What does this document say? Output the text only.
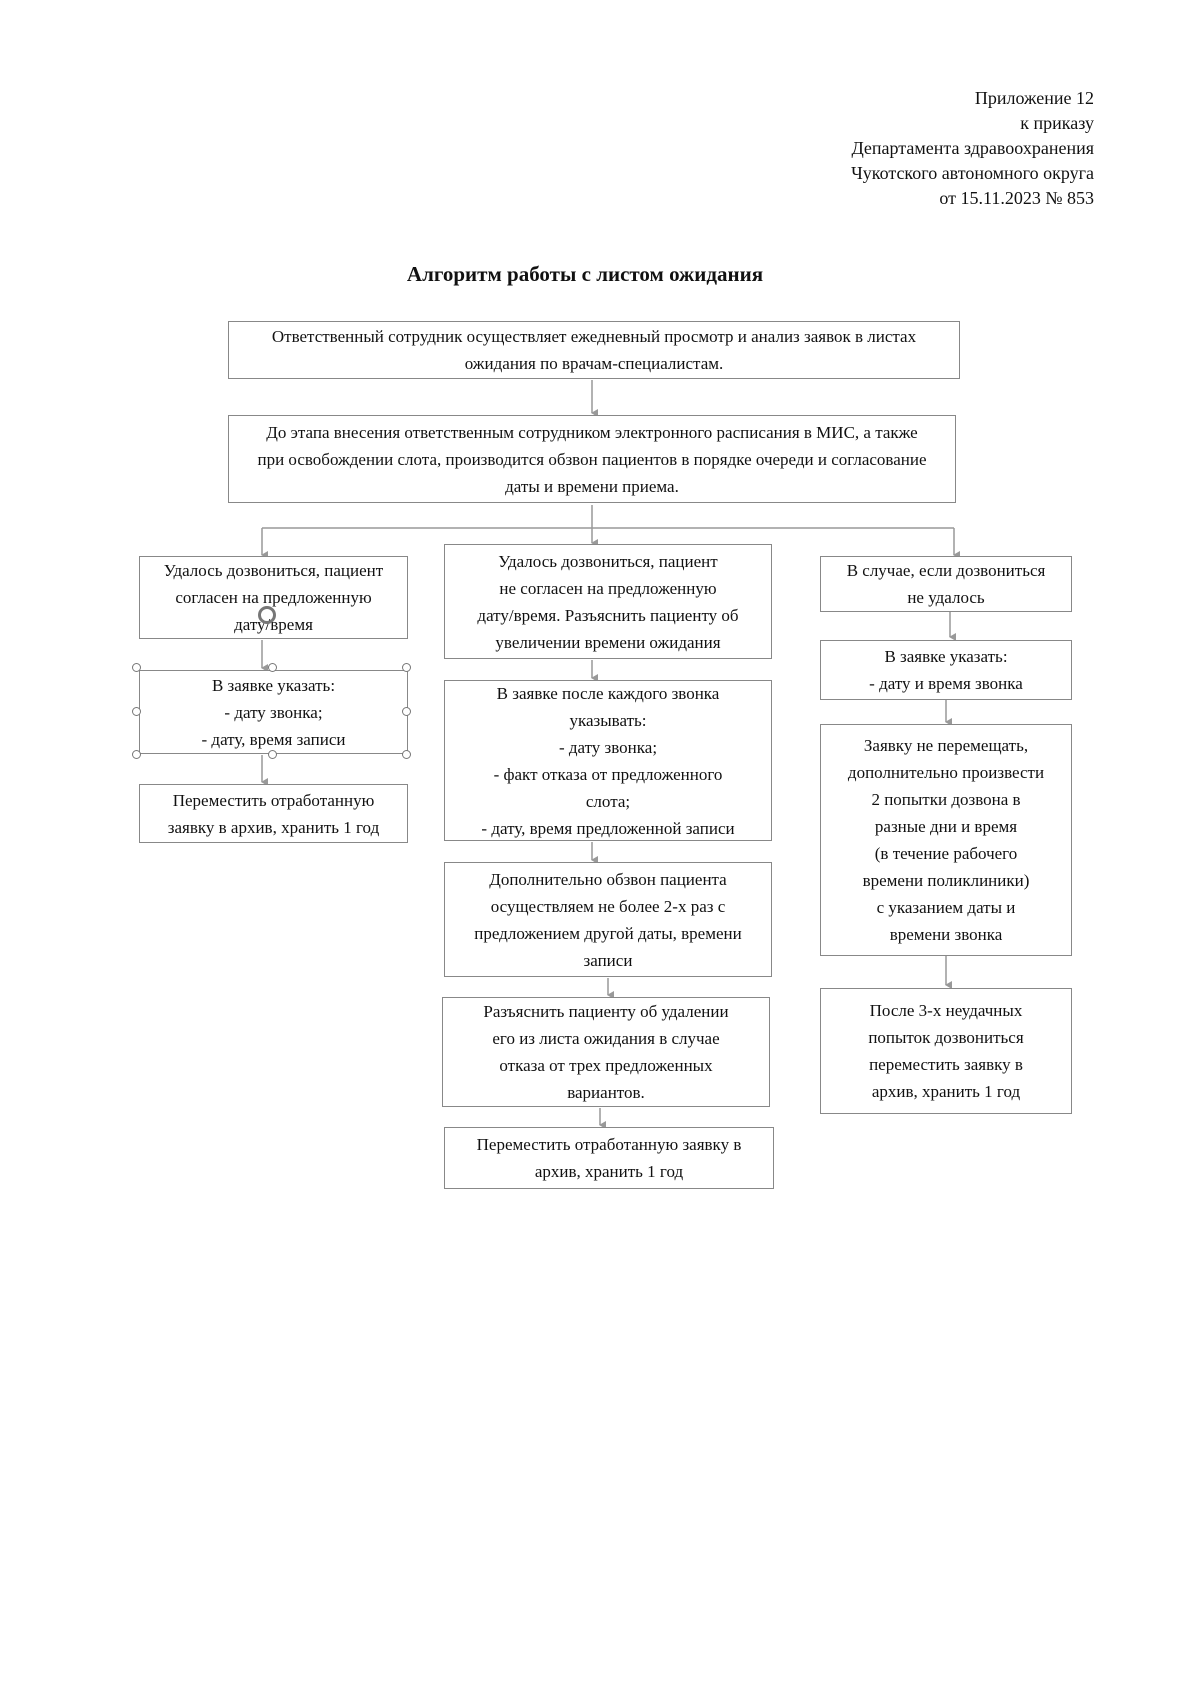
Приложение 12
к приказу
Департамента здравоохранения
Чукотского автономного округа
от 15.11.2023 № 853
Алгоритм работы с листом ожидания
Ответственный сотрудник осуществляет ежедневный просмотр и анализ заявок в листах
ожидания по врачам-специалистам.
До этапа внесения ответственным сотрудником электронного расписания в МИС, а также
при освобождении слота, производится обзвон пациентов в порядке очереди и согласование
даты и времени приема.
Удалось дозвониться, пациент
согласен на предложенную
дату/время
В заявке указать:
- дату звонка;
- дату, время записи
Переместить отработанную
заявку в архив, хранить 1 год
Удалось дозвониться, пациент
не согласен на предложенную
дату/время. Разъяснить пациенту об
увеличении времени ожидания
В заявке после каждого звонка
указывать:
- дату звонка;
- факт отказа от предложенного
слота;
- дату, время предложенной записи
Дополнительно обзвон пациента
осуществляем не более 2-х раз с
предложением другой даты, времени
записи
Разъяснить пациенту об удалении
его из листа ожидания в случае
отказа от трех предложенных
вариантов.
Переместить отработанную заявку в
архив, хранить 1 год
В случае, если дозвониться
не удалось
В заявке указать:
- дату и время звонка
Заявку не перемещать,
дополнительно произвести
2 попытки дозвона в
разные дни и время
(в течение рабочего
времени поликлиники)
с указанием даты и
времени звонка
После 3-х неудачных
попыток дозвониться
переместить заявку в
архив, хранить 1 год
